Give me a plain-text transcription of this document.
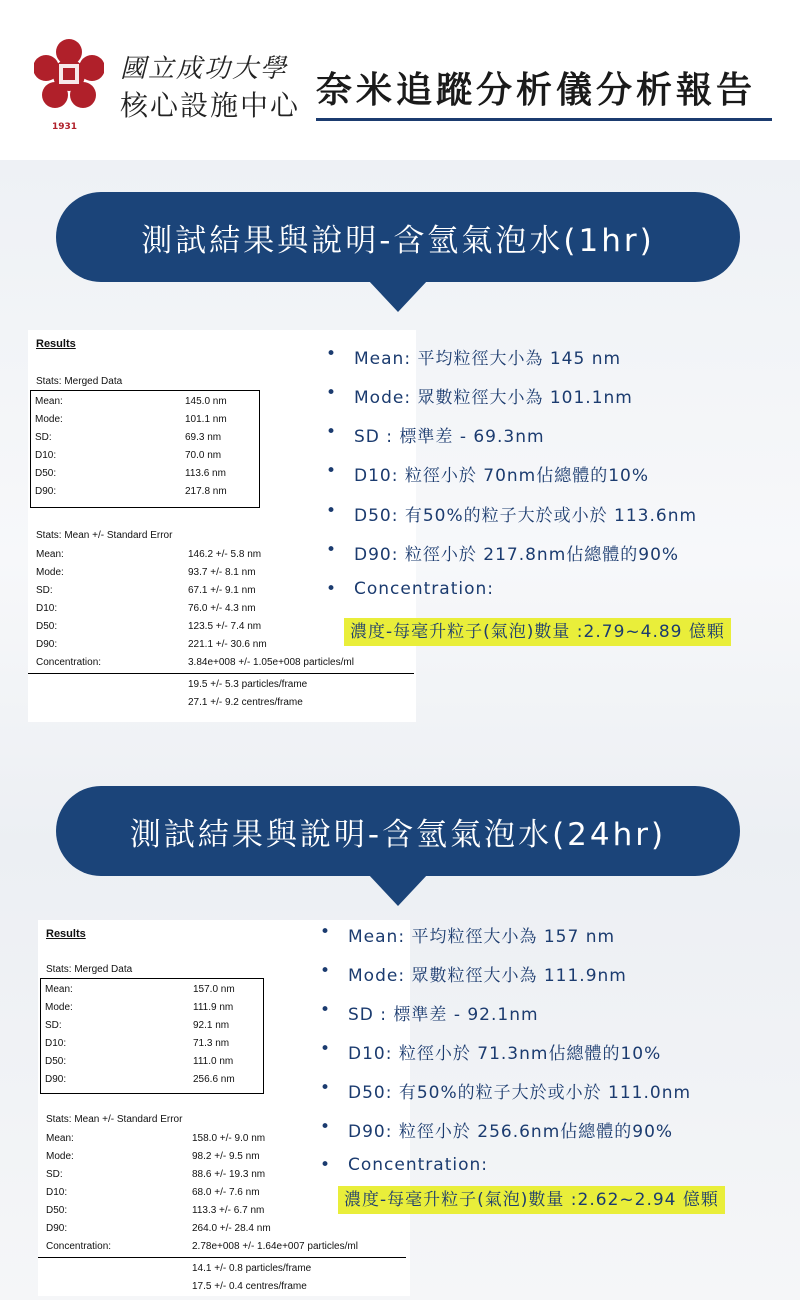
1931
國立成功大學
核心設施中心 奈米追蹤分析儀分析報告
測試結果與說明-含氫氣泡水(1hr)
Results
Stats: Merged Data
Mean:	145.0 nm
Mode:	101.1 nm
SD:	69.3 nm
D10:	70.0 nm
D50:	113.6 nm
D90:	217.8 nm
Stats: Mean +/- Standard Error
Mean:	146.2 +/- 5.8 nm
Mode:	93.7 +/- 8.1 nm
SD:	67.1 +/- 9.1 nm
D10:	76.0 +/- 4.3 nm
D50:	123.5 +/- 7.4 nm
D90:	221.1 +/- 30.6 nm
Concentration:	3.84e+008 +/- 1.05e+008 particles/ml
19.5 +/- 5.3 particles/frame
27.1 +/- 9.2 centres/frame
• Mean: 平均粒徑大小為 145 nm
• Mode: 眾數粒徑大小為 101.1nm
• SD : 標準差 - 69.3nm
• D10: 粒徑小於 70nm佔總體的10%
• D50: 有50%的粒子大於或小於 113.6nm
• D90: 粒徑小於 217.8nm佔總體的90%
• Concentration:
濃度-每毫升粒子(氣泡)數量 :2.79~4.89 億顆
測試結果與說明-含氫氣泡水(24hr)
Results
Stats: Merged Data
Mean:	157.0 nm
Mode:	111.9 nm
SD:	92.1 nm
D10:	71.3 nm
D50:	111.0 nm
D90:	256.6 nm
Stats: Mean +/- Standard Error
Mean:	158.0 +/- 9.0 nm
Mode:	98.2 +/- 9.5 nm
SD:	88.6 +/- 19.3 nm
D10:	68.0 +/- 7.6 nm
D50:	113.3 +/- 6.7 nm
D90:	264.0 +/- 28.4 nm
Concentration:	2.78e+008 +/- 1.64e+007 particles/ml
14.1 +/- 0.8 particles/frame
17.5 +/- 0.4 centres/frame
• Mean: 平均粒徑大小為 157 nm
• Mode: 眾數粒徑大小為 111.9nm
• SD : 標準差 - 92.1nm
• D10: 粒徑小於 71.3nm佔總體的10%
• D50: 有50%的粒子大於或小於 111.0nm
• D90: 粒徑小於 256.6nm佔總體的90%
• Concentration:
濃度-每毫升粒子(氣泡)數量 :2.62~2.94 億顆
